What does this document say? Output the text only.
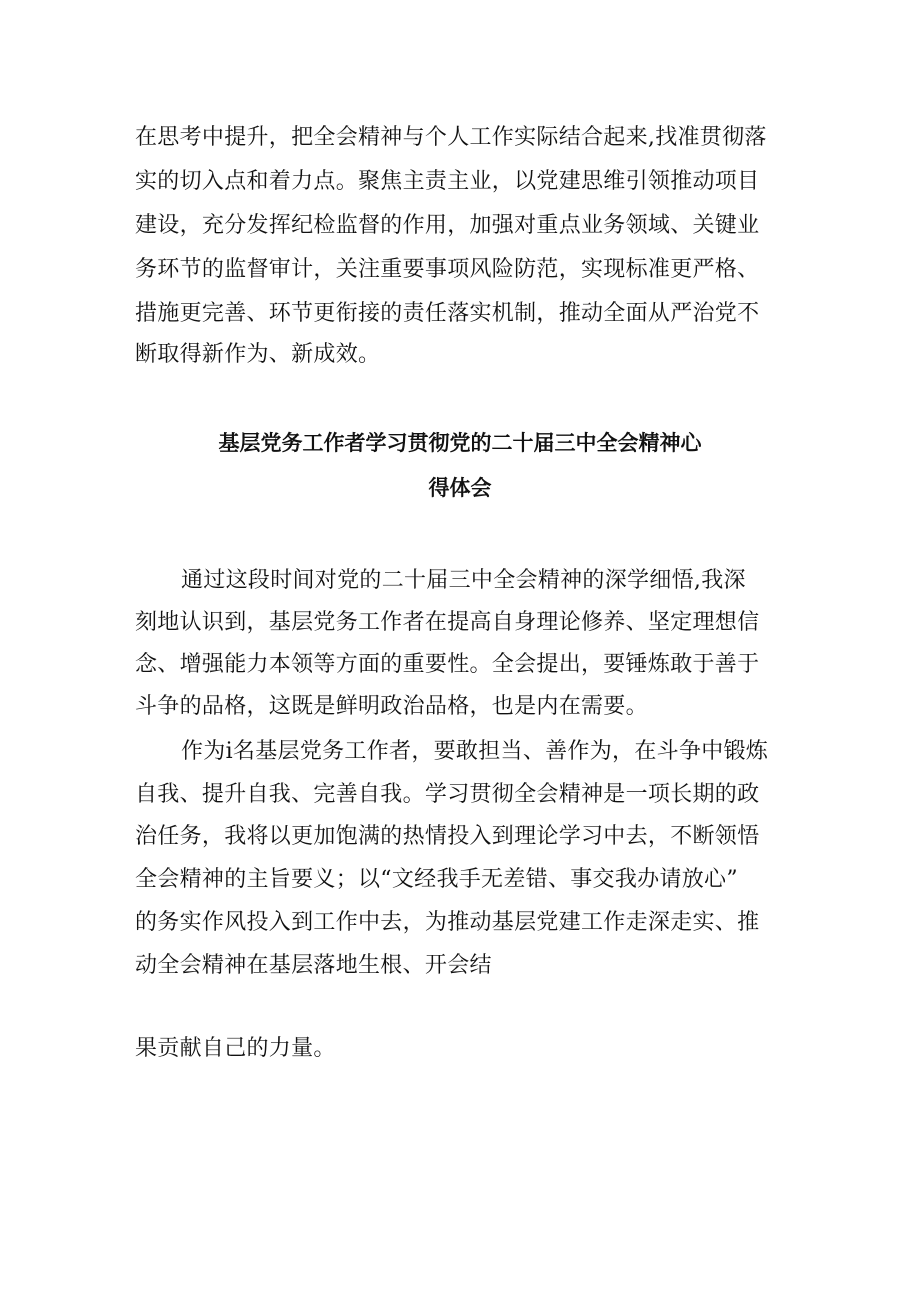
在思考中提升，把全会精神与个人工作实际结合起来,找准贯彻落
实的切入点和着力点。聚焦主责主业，以党建思维引领推动项目
建设，充分发挥纪检监督的作用，加强对重点业务领域、关键业
务环节的监督审计，关注重要事项风险防范，实现标准更严格、
措施更完善、环节更衔接的责任落实机制，推动全面从严治党不
断取得新作为、新成效。
基层党务工作者学习贯彻党的二十届三中全会精神心
得体会
通过这段时间对党的二十届三中全会精神的深学细悟,我深
刻地认识到，基层党务工作者在提高自身理论修养、坚定理想信
念、增强能力本领等方面的重要性。全会提出，要锤炼敢于善于
斗争的品格，这既是鲜明政治品格，也是内在需要。
作为i名基层党务工作者，要敢担当、善作为，在斗争中锻炼
自我、提升自我、完善自我。学习贯彻全会精神是一项长期的政
治任务，我将以更加饱满的热情投入到理论学习中去，不断领悟
全会精神的主旨要义；以“文经我手无差错、事交我办请放心”
的务实作风投入到工作中去，为推动基层党建工作走深走实、推
动全会精神在基层落地生根、开会结
果贡献自己的力量。
